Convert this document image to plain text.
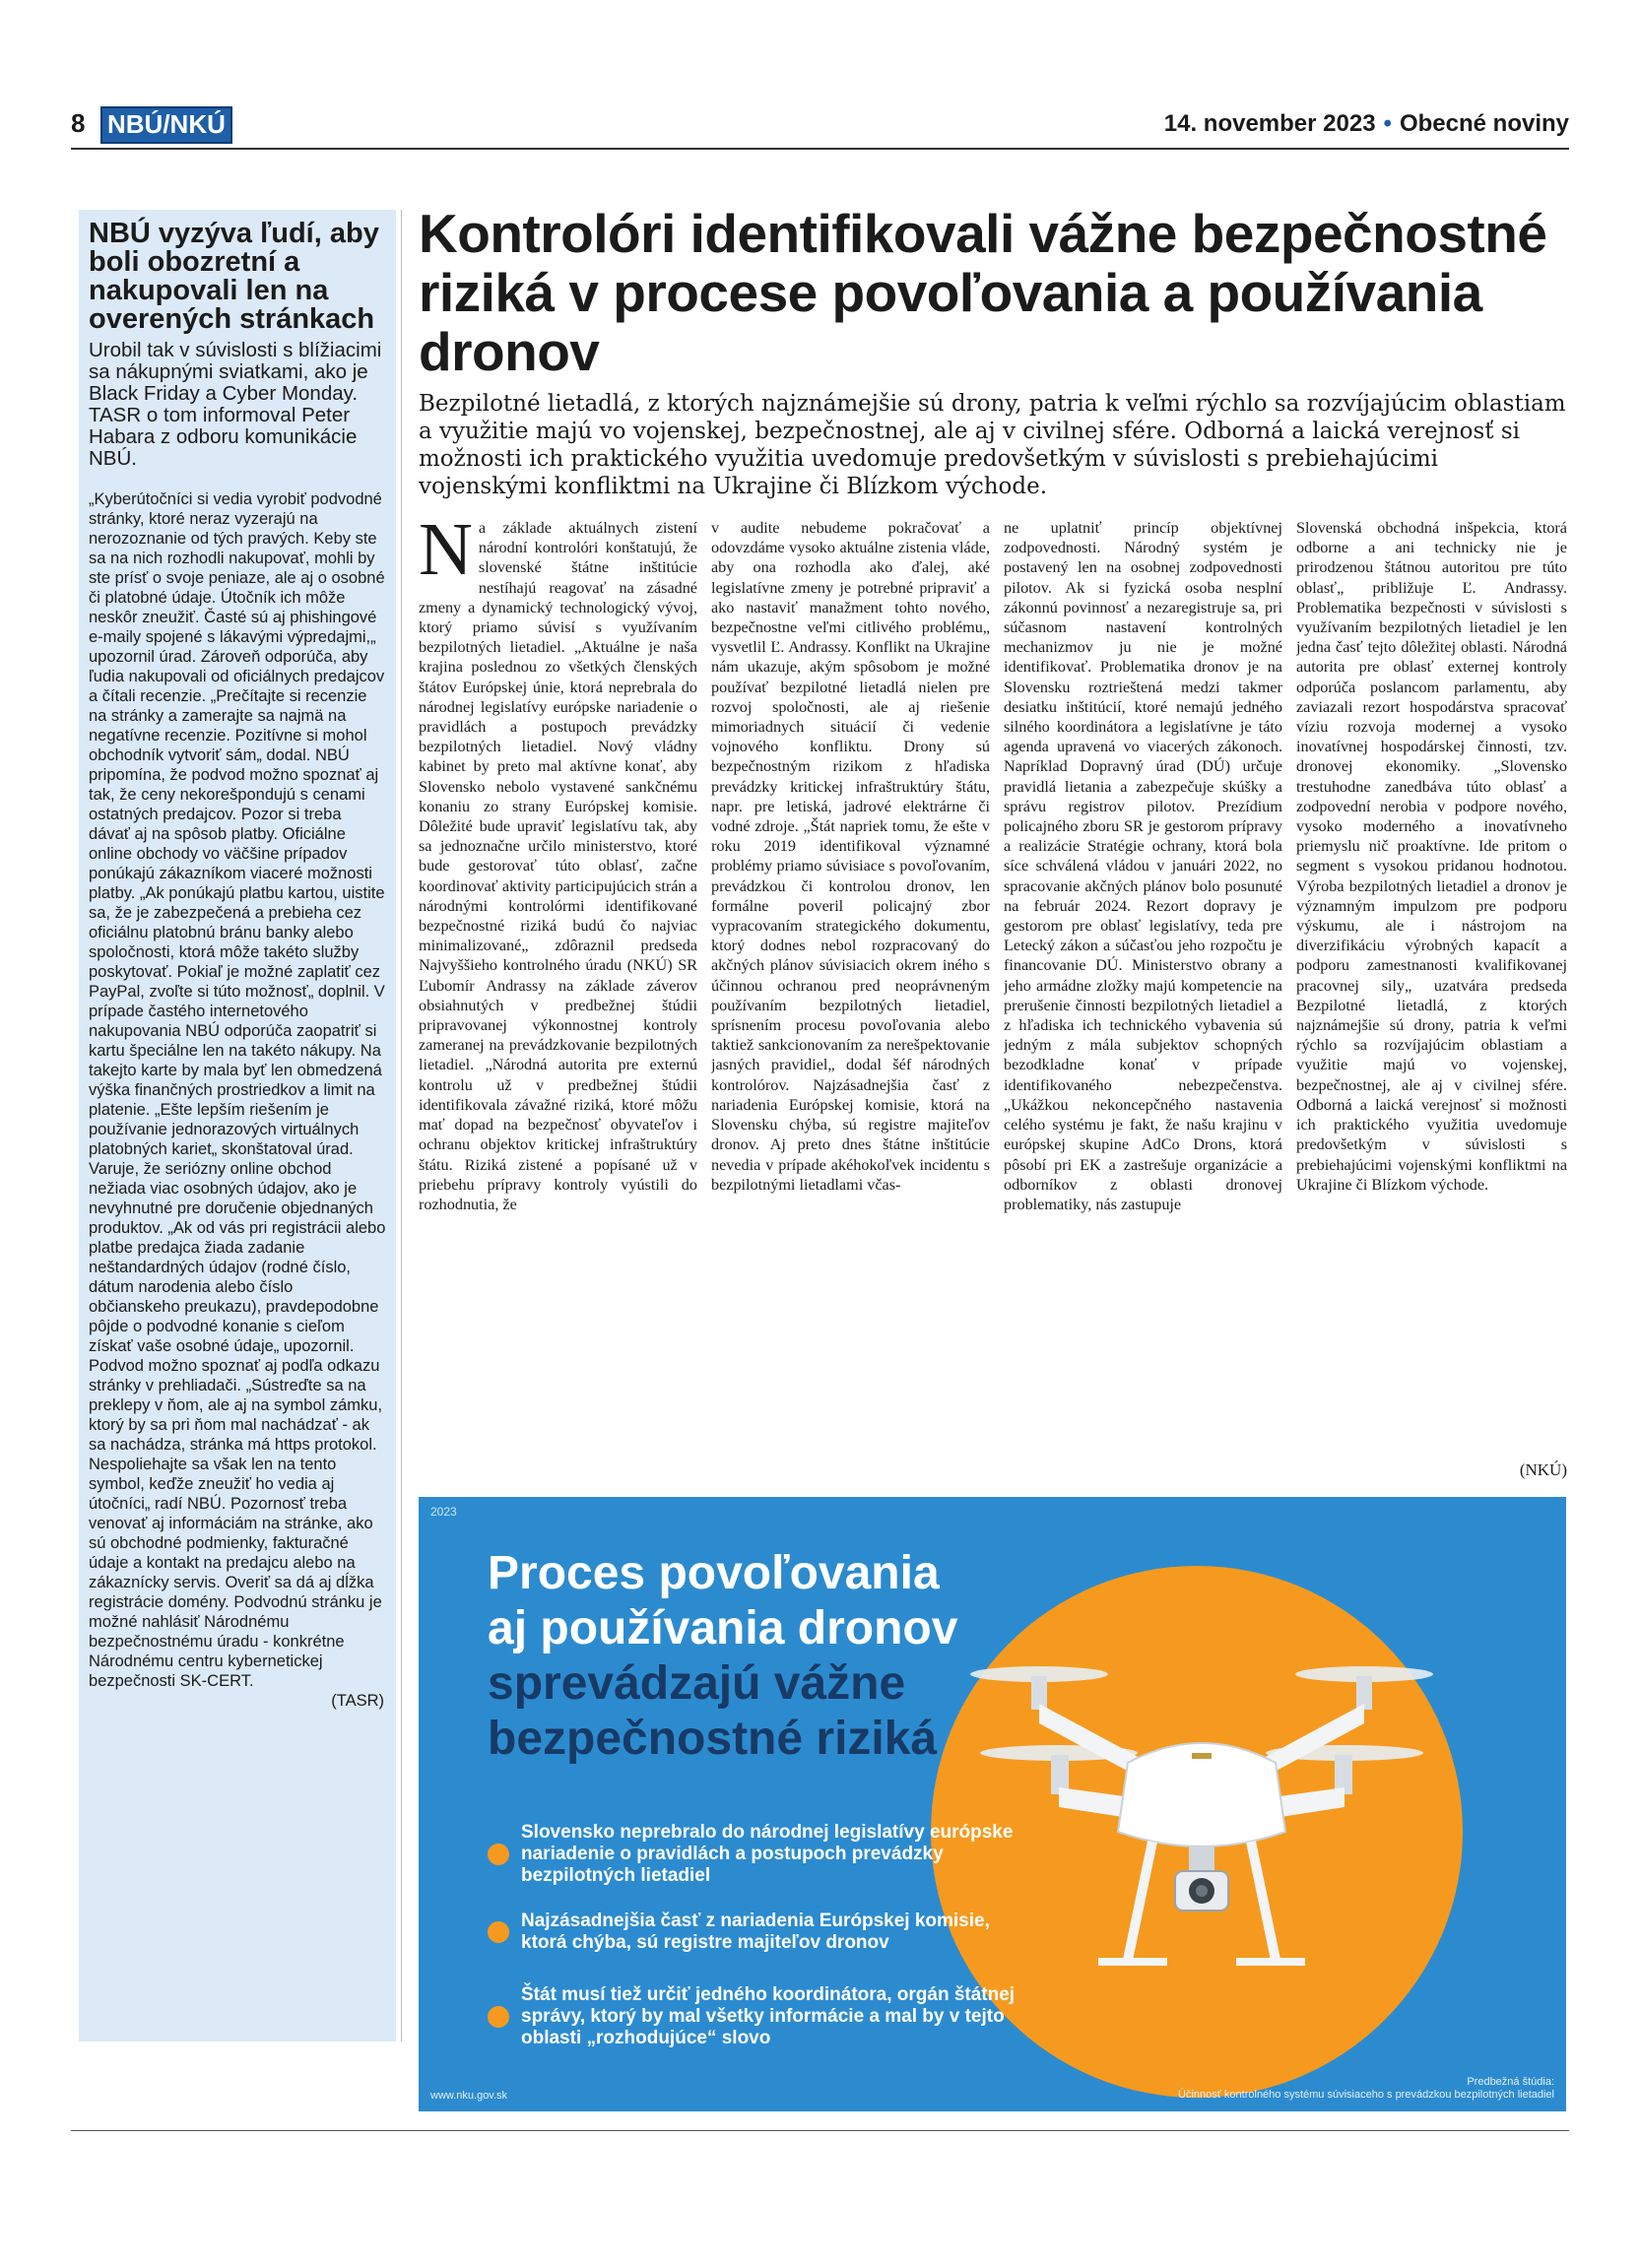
8 NBÚ/NKÚ	14. november 2023 • Obecné noviny
NBÚ vyzýva ľudí, aby boli obozretní a nakupovali len na overených stránkach
Urobil tak v súvislosti s blížiacimi sa nákupnými sviatkami, ako je Black Friday a Cyber Monday. TASR o tom informoval Peter Habara z odboru komunikácie NBÚ.
„Kyberútočníci si vedia vyrobiť podvodné stránky, ktoré neraz vyzerajú na nerozoznanie od tých pravých. Keby ste sa na nich rozhodli nakupovať, mohli by ste prísť o svoje peniaze, ale aj o osobné či platobné údaje. Útočník ich môže neskôr zneužiť. Časté sú aj phishingové e-maily spojené s lákavými výpredajmi,„ upozornil úrad. Zároveň odporúča, aby ľudia nakupovali od oficiálnych predajcov a čítali recenzie. „Prečítajte si recenzie na stránky a zamerajte sa najmä na negatívne recenzie. Pozitívne si mohol obchodník vytvoriť sám„ dodal. NBÚ pripomína, že podvod možno spoznať aj tak, že ceny nekorešpondujú s cenami ostatných predajcov. Pozor si treba dávať aj na spôsob platby. Oficiálne online obchody vo väčšine prípadov ponúkajú zákazníkom viaceré možnosti platby. „Ak ponúkajú platbu kartou, uistite sa, že je zabezpečená a prebieha cez oficiálnu platobnú bránu banky alebo spoločnosti, ktorá môže takéto služby poskytovať. Pokiaľ je možné zaplatiť cez PayPal, zvoľte si túto možnosť„ doplnil. V prípade častého internetového nakupovania NBÚ odporúča zaopatriť si kartu špeciálne len na takéto nákupy. Na takejto karte by mala byť len obmedzená výška finančných prostriedkov a limit na platenie. „Ešte lepším riešením je používanie jednorazových virtuálnych platobných kariet„ skonštatoval úrad. Varuje, že seriózny online obchod nežiada viac osobných údajov, ako je nevyhnutné pre doručenie objednaných produktov. „Ak od vás pri registrácii alebo platbe predajca žiada zadanie neštandardných údajov (rodné číslo, dátum narodenia alebo číslo občianskeho preukazu), pravdepodobne pôjde o podvodné konanie s cieľom získať vaše osobné údaje„ upozornil. Podvod možno spoznať aj podľa odkazu stránky v prehliadači. „Sústreďte sa na preklepy v ňom, ale aj na symbol zámku, ktorý by sa pri ňom mal nachádzať - ak sa nachádza, stránka má https protokol. Nespoliehajte sa však len na tento symbol, keďže zneužiť ho vedia aj útočníci„ radí NBÚ. Pozornosť treba venovať aj informáciám na stránke, ako sú obchodné podmienky, fakturačné údaje a kontakt na predajcu alebo na zákaznícky servis. Overiť sa dá aj dĺžka registrácie domény. Podvodnú stránku je možné nahlásiť Národnému bezpečnostnému úradu - konkrétne Národnému centru kybernetickej bezpečnosti SK-CERT.
(TASR)
Kontrolóri identifikovali vážne bezpečnostné riziká v procese povoľovania a používania dronov
Bezpilotné lietadlá, z ktorých najznámejšie sú drony, patria k veľmi rýchlo sa rozvíjajúcim oblastiam a využitie majú vo vojenskej, bezpečnostnej, ale aj v civilnej sfére. Odborná a laická verejnosť si možnosti ich praktického využitia uvedomuje predovšetkým v súvislosti s prebiehajúcimi vojenskými konfliktmi na Ukrajine či Blízkom východe.
N a základe aktuálnych zistení národní kontrolóri konštatujú, že slovenské štátne inštitúcie nestíhajú reagovať na zásadné zmeny a dynamický technologický vývoj, ktorý priamo súvisí s využívaním bezpilotných lietadiel. „Aktuálne je naša krajina poslednou zo všetkých členských štátov Európskej únie, ktorá neprebrala do národnej legislatívy európske nariadenie o pravidlách a postupoch prevádzky bezpilotných lietadiel. Nový vládny kabinet by preto mal aktívne konať, aby Slovensko nebolo vystavené sankčnému konaniu zo strany Európskej komisie. Dôležité bude upraviť legislatívu tak, aby sa jednoznačne určilo ministerstvo, ktoré bude gestorovať túto oblasť, začne koordinovať aktivity participujúcich strán a národnými kontrolórmi identifikované bezpečnostné riziká budú čo najviac minimalizované„ zdôraznil predseda Najvyššieho kontrolného úradu (NKÚ) SR Ľubomír Andrassy na základe záverov obsiahnutých v predbežnej štúdii pripravovanej výkonnostnej kontroly zameranej na prevádzkovanie bezpilotných lietadiel. „Národná autorita pre externú kontrolu už v predbežnej štúdii identifikovala závažné riziká, ktoré môžu mať dopad na bezpečnosť obyvateľov i ochranu objektov kritickej infraštruktúry štátu. Riziká zistené a popísané už v priebehu prípravy kontroly vyústili do rozhodnutia, že

v audite nebudeme pokračovať a odovzdáme vysoko aktuálne zistenia vláde, aby ona rozhodla ako ďalej, aké legislatívne zmeny je potrebné pripraviť a ako nastaviť manažment tohto nového, bezpečnostne veľmi citlivého problému„ vysvetlil Ľ. Andrassy. Konflikt na Ukrajine nám ukazuje, akým spôsobom je možné používať bezpilotné lietadlá nielen pre rozvoj spoločnosti, ale aj riešenie mimoriadnych situácií či vedenie vojnového konfliktu. Drony sú bezpečnostným rizikom z hľadiska prevádzky kritickej infraštruktúry štátu, napr. pre letiská, jadrové elektrárne či vodné zdroje. „Štát napriek tomu, že ešte v roku 2019 identifikoval významné problémy priamo súvisiace s povoľovaním, prevádzkou či kontrolou dronov, len formálne poveril policajný zbor vypracovaním strategického dokumentu, ktorý dodnes nebol rozpracovaný do akčných plánov súvisiacich okrem iného s účinnou ochranou pred neoprávneným používaním bezpilotných lietadiel, sprísnením procesu povoľovania alebo taktiež sankcionovaním za nerešpektovanie jasných pravidiel„ dodal šéf národných kontrolórov. Najzásadnejšia časť z nariadenia Európskej komisie, ktorá na Slovensku chýba, sú registre majiteľov dronov. Aj preto dnes štátne inštitúcie nevedia v prípade akéhokoľvek incidentu s bezpilotnými lietadlami včas-

ne uplatniť princíp objektívnej zodpovednosti. Národný systém je postavený len na osobnej zodpovednosti pilotov. Ak si fyzická osoba nesplní zákonnú povinnosť a nezaregistruje sa, pri súčasnom nastavení kontrolných mechanizmov ju nie je možné identifikovať. Problematika dronov je na Slovensku roztrieštená medzi takmer desiatku inštitúcií, ktoré nemajú jedného silného koordinátora a legislatívne je táto agenda upravená vo viacerých zákonoch. Napríklad Dopravný úrad (DÚ) určuje pravidlá lietania a zabezpečuje skúšky a správu registrov pilotov. Prezídium policajného zboru SR je gestorom prípravy a realizácie Stratégie ochrany, ktorá bola síce schválená vládou v januári 2022, no spracovanie akčných plánov bolo posunuté na február 2024. Rezort dopravy je gestorom pre oblasť legislatívy, teda pre Letecký zákon a súčasťou jeho rozpočtu je financovanie DÚ. Ministerstvo obrany a jeho armádne zložky majú kompetencie na prerušenie činnosti bezpilotných lietadiel a z hľadiska ich technického vybavenia sú jedným z mála subjektov schopných bezodkladne konať v prípade identifikovaného nebezpečenstva. „Ukážkou nekoncepčného nastavenia celého systému je fakt, že našu krajinu v európskej skupine AdCo Drons, ktorá pôsobí pri EK a zastrešuje organizácie a odborníkov z oblasti dronovej problematiky, nás zastupuje

Slovenská obchodná inšpekcia, ktorá odborne a ani technicky nie je prirodzenou štátnou autoritou pre túto oblasť„ približuje Ľ. Andrassy. Problematika bezpečnosti v súvislosti s využívaním bezpilotných lietadiel je len jedna časť tejto dôležitej oblasti. Národná autorita pre oblasť externej kontroly odporúča poslancom parlamentu, aby zaviazali rezort hospodárstva spracovať víziu rozvoja modernej a vysoko inovatívnej hospodárskej činnosti, tzv. dronovej ekonomiky. „Slovensko trestuhodne zanedbáva túto oblasť a zodpovední nerobia v podpore nového, vysoko moderného a inovatívneho priemyslu nič proaktívne. Ide pritom o segment s vysokou pridanou hodnotou. Výroba bezpilotných lietadiel a dronov je významným impulzom pre podporu výskumu, ale i nástrojom na diverzifikáciu výrobných kapacít a podporu zamestnanosti kvalifikovanej pracovnej sily„ uzatvára predseda Bezpilotné lietadlá, z ktorých najznámejšie sú drony, patria k veľmi rýchlo sa rozvíjajúcim oblastiam a využitie majú vo vojenskej, bezpečnostnej, ale aj v civilnej sfére. Odborná a laická verejnosť si možnosti ich praktického využitia uvedomuje predovšetkým v súvislosti s prebiehajúcimi vojenskými konfliktmi na Ukrajine či Blízkom východe.

(NKÚ)
2023
Proces povoľovania
aj používania dronov
sprevádzajú vážne
bezpečnostné riziká
Slovensko neprebralo do národnej legislatívy európske nariadenie o pravidlách a postupoch prevádzky bezpilotných lietadiel
Najzásadnejšia časť z nariadenia Európskej komisie, ktorá chýba, sú registre majiteľov dronov
Štát musí tiež určiť jedného koordinátora, orgán štátnej správy, ktorý by mal všetky informácie a mal by v tejto oblasti „rozhodujúce“ slovo
www.nku.gov.sk
Predbežná štúdia:
Účinnosť kontrolného systému súvisiaceho s prevádzkou bezpilotných lietadiel
